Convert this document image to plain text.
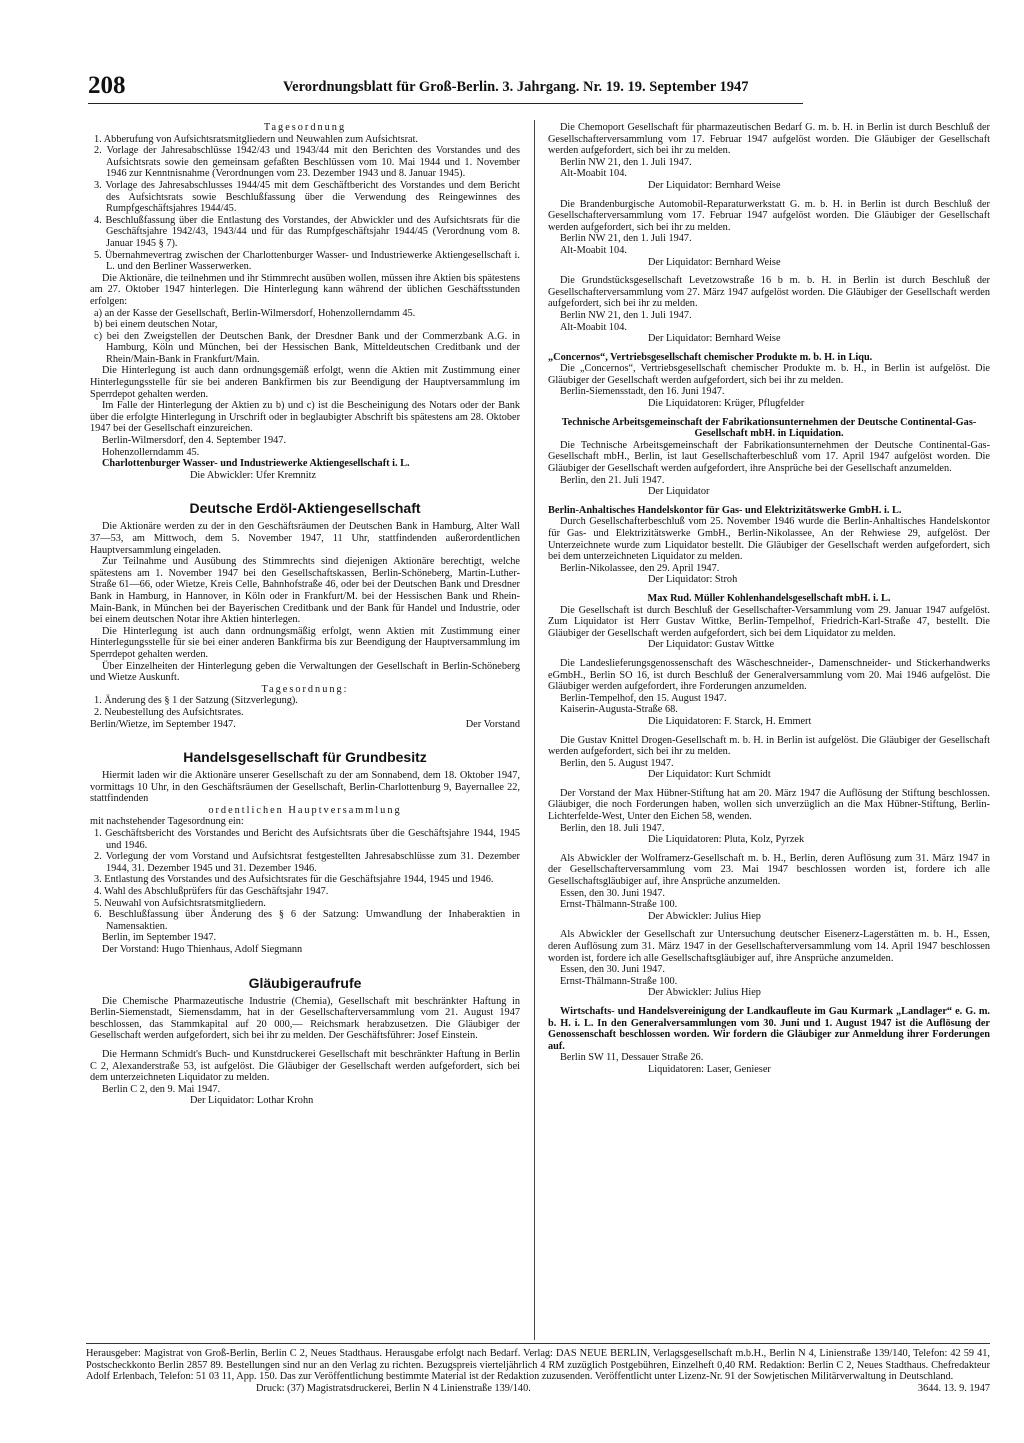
208	Verordnungsblatt für Groß-Berlin. 3. Jahrgang. Nr. 19. 19. September 1947

Tagesordnung

1. Abberufung von Aufsichtsratsmitgliedern und Neuwahlen zum Aufsichtsrat.

2. Vorlage der Jahresabschlüsse 1942/43 und 1943/44 mit den Berichten des Vorstandes und des Aufsichtsrats sowie den gemeinsam gefaßten Beschlüssen vom 10. Mai 1944 und 1. November 1946 zur Kenntnisnahme (Verordnungen vom 23. Dezember 1943 und 8. Januar 1945).

3. Vorlage des Jahresabschlusses 1944/45 mit dem Geschäftbericht des Vorstandes und dem Bericht des Aufsichtsrats sowie Beschlußfassung über die Verwendung des Reingewinnes des Rumpfgeschäftsjahres 1944/45.

4. Beschlußfassung über die Entlastung des Vorstandes, der Abwickler und des Aufsichtsrats für die Geschäftsjahre 1942/43, 1943/44 und für das Rumpfgeschäftsjahr 1944/45 (Verordnung vom 8. Januar 1945 § 7).

5. Übernahmevertrag zwischen der Charlottenburger Wasser- und Industriewerke Aktiengesellschaft i. L. und den Berliner Wasserwerken.

Die Aktionäre, die teilnehmen und ihr Stimmrecht ausüben wollen, müssen ihre Aktien bis spätestens am 27. Oktober 1947 hinterlegen. Die Hinterlegung kann während der üblichen Geschäftsstunden erfolgen:

a) an der Kasse der Gesellschaft, Berlin-Wilmersdorf, Hohenzollerndamm 45.

b) bei einem deutschen Notar,

c) bei den Zweigstellen der Deutschen Bank, der Dresdner Bank und der Commerzbank A.G. in Hamburg, Köln und München, bei der Hessischen Bank, Mitteldeutschen Creditbank und der Rhein/Main-Bank in Frankfurt/Main.

Die Hinterlegung ist auch dann ordnungsgemäß erfolgt, wenn die Aktien mit Zustimmung einer Hinterlegungsstelle für sie bei anderen Bankfirmen bis zur Beendigung der Hauptversammlung im Sperrdepot gehalten werden.

Im Falle der Hinterlegung der Aktien zu b) und c) ist die Bescheinigung des Notars oder der Bank über die erfolgte Hinterlegung in Urschrift oder in beglaubigter Abschrift bis spätestens am 28. Oktober 1947 bei der Gesellschaft einzureichen.

Berlin-Wilmersdorf, den 4. September 1947.

Hohenzollerndamm 45.

Charlottenburger Wasser- und Industriewerke Aktiengesellschaft i. L.

Die Abwickler: Ufer Kremnitz

Deutsche Erdöl-Aktiengesellschaft

Die Aktionäre werden zu der in den Geschäftsräumen der Deutschen Bank in Hamburg, Alter Wall 37—53, am Mittwoch, dem 5. November 1947, 11 Uhr, stattfindenden außerordentlichen Hauptversammlung eingeladen.

Zur Teilnahme und Ausübung des Stimmrechts sind diejenigen Aktionäre berechtigt, welche spätestens am 1. November 1947 bei den Gesellschaftskassen, Berlin-Schöneberg, Martin-Luther-Straße 61—66, oder Wietze, Kreis Celle, Bahnhofstraße 46, oder bei der Deutschen Bank und Dresdner Bank in Hamburg, in Hannover, in Köln oder in Frankfurt/M. bei der Hessischen Bank und Rhein-Main-Bank, in München bei der Bayerischen Creditbank und der Bank für Handel und Industrie, oder bei einem deutschen Notar ihre Aktien hinterlegen.

Die Hinterlegung ist auch dann ordnungsmäßig erfolgt, wenn Aktien mit Zustimmung einer Hinterlegungsstelle für sie bei einer anderen Bankfirma bis zur Beendigung der Hauptversammlung im Sperrdepot gehalten werden.

Über Einzelheiten der Hinterlegung geben die Verwaltungen der Gesellschaft in Berlin-Schöneberg und Wietze Auskunft.

Tagesordnung:

1. Änderung des § 1 der Satzung (Sitzverlegung).

2. Neubestellung des Aufsichtsrates.

Berlin/Wietze, im September 1947.	Der Vorstand

Handelsgesellschaft für Grundbesitz

Hiermit laden wir die Aktionäre unserer Gesellschaft zu der am Sonnabend, dem 18. Oktober 1947, vormittags 10 Uhr, in den Geschäftsräumen der Gesellschaft, Berlin-Charlottenburg 9, Bayernallee 22, stattfindenden

ordentlichen Hauptversammlung

mit nachstehender Tagesordnung ein:

1. Geschäftsbericht des Vorstandes und Bericht des Aufsichtsrats über die Geschäftsjahre 1944, 1945 und 1946.

2. Vorlegung der vom Vorstand und Aufsichtsrat festgestellten Jahresabschlüsse zum 31. Dezember 1944, 31. Dezember 1945 und 31. Dezember 1946.

3. Entlastung des Vorstandes und des Aufsichtsrates für die Geschäftsjahre 1944, 1945 und 1946.

4. Wahl des Abschlußprüfers für das Geschäftsjahr 1947.

5. Neuwahl von Aufsichtsratsmitgliedern.

6. Beschlußfassung über Änderung des § 6 der Satzung: Umwandlung der Inhaberaktien in Namensaktien.

Berlin, im September 1947.

Der Vorstand: Hugo Thienhaus, Adolf Siegmann

Gläubigeraufrufe

Die Chemische Pharmazeutische Industrie (Chemia), Gesellschaft mit beschränkter Haftung in Berlin-Siemenstadt, Siemensdamm, hat in der Gesellschafterversammlung vom 21. August 1947 beschlossen, das Stammkapital auf 20 000,— Reichsmark herabzusetzen. Die Gläubiger der Gesellschaft werden aufgefordert, sich bei ihr zu melden. Der Geschäftsführer: Josef Einstein.

Die Hermann Schmidt's Buch- und Kunstdruckerei Gesellschaft mit beschränkter Haftung in Berlin C 2, Alexanderstraße 53, ist aufgelöst. Die Gläubiger der Gesellschaft werden aufgefordert, sich bei dem unterzeichneten Liquidator zu melden.

Berlin C 2, den 9. Mai 1947.

Der Liquidator: Lothar Krohn

Die Chemoport Gesellschaft für pharmazeutischen Bedarf G. m. b. H. in Berlin ist durch Beschluß der Gesellschafterversammlung vom 17. Februar 1947 aufgelöst worden. Die Gläubiger der Gesellschaft werden aufgefordert, sich bei ihr zu melden.

Berlin NW 21, den 1. Juli 1947.

Alt-Moabit 104.

Der Liquidator: Bernhard Weise

Die Brandenburgische Automobil-Reparaturwerkstatt G. m. b. H. in Berlin ist durch Beschluß der Gesellschafterversammlung vom 17. Februar 1947 aufgelöst worden. Die Gläubiger der Gesellschaft werden aufgefordert, sich bei ihr zu melden.

Berlin NW 21, den 1. Juli 1947.

Alt-Moabit 104.

Der Liquidator: Bernhard Weise

Die Grundstücksgesellschaft Levetzowstraße 16 b m. b. H. in Berlin ist durch Beschluß der Gesellschafterversammlung vom 27. März 1947 aufgelöst worden. Die Gläubiger der Gesellschaft werden aufgefordert, sich bei ihr zu melden.

Berlin NW 21, den 1. Juli 1947.

Alt-Moabit 104.

Der Liquidator: Bernhard Weise

„Concernos“, Vertriebsgesellschaft chemischer Produkte m. b. H. in Liqu.

Die „Concernos“, Vertriebsgesellschaft chemischer Produkte m. b. H., in Berlin ist aufgelöst. Die Gläubiger der Gesellschaft werden aufgefordert, sich bei ihr zu melden.

Berlin-Siemensstadt, den 16. Juni 1947.

Die Liquidatoren: Krüger, Pflugfelder

Technische Arbeitsgemeinschaft der Fabrikationsunternehmen der Deutsche Continental-Gas-Gesellschaft mbH. in Liquidation.

Die Technische Arbeitsgemeinschaft der Fabrikationsunternehmen der Deutsche Continental-Gas-Gesellschaft mbH., Berlin, ist laut Gesellschafterbeschluß vom 17. April 1947 aufgelöst worden. Die Gläubiger der Gesellschaft werden aufgefordert, ihre Ansprüche bei der Gesellschaft anzumelden.

Berlin, den 21. Juli 1947.

Der Liquidator

Berlin-Anhaltisches Handelskontor für Gas- und Elektrizitätswerke GmbH. i. L.

Durch Gesellschafterbeschluß vom 25. November 1946 wurde die Berlin-Anhaltisches Handelskontor für Gas- und Elektrizitätswerke GmbH., Berlin-Nikolassee, An der Rehwiese 29, aufgelöst. Der Unterzeichnete wurde zum Liquidator bestellt. Die Gläubiger der Gesellschaft werden aufgefordert, sich bei dem unterzeichneten Liquidator zu melden.

Berlin-Nikolassee, den 29. April 1947.

Der Liquidator: Stroh

Max Rud. Müller Kohlenhandelsgesellschaft mbH. i. L.

Die Gesellschaft ist durch Beschluß der Gesellschafter-Versammlung vom 29. Januar 1947 aufgelöst. Zum Liquidator ist Herr Gustav Wittke, Berlin-Tempelhof, Friedrich-Karl-Straße 47, bestellt. Die Gläubiger der Gesellschaft werden aufgefordert, sich bei dem Liquidator zu melden.

Der Liquidator: Gustav Wittke

Die Landeslieferungsgenossenschaft des Wäscheschneider-, Damenschneider- und Stickerhandwerks eGmbH., Berlin SO 16, ist durch Beschluß der Generalversammlung vom 20. Mai 1946 aufgelöst. Die Gläubiger werden aufgefordert, ihre Forderungen anzumelden.

Berlin-Tempelhof, den 15. August 1947.

Kaiserin-Augusta-Straße 68.

Die Liquidatoren: F. Starck, H. Emmert

Die Gustav Knittel Drogen-Gesellschaft m. b. H. in Berlin ist aufgelöst. Die Gläubiger der Gesellschaft werden aufgefordert, sich bei ihr zu melden.

Berlin, den 5. August 1947.

Der Liquidator: Kurt Schmidt

Der Vorstand der Max Hübner-Stiftung hat am 20. März 1947 die Auflösung der Stiftung beschlossen. Gläubiger, die noch Forderungen haben, wollen sich unverzüglich an die Max Hübner-Stiftung, Berlin-Lichterfelde-West, Unter den Eichen 58, wenden.

Berlin, den 18. Juli 1947.

Die Liquidatoren: Pluta, Kolz, Pyrzek

Als Abwickler der Wolframerz-Gesellschaft m. b. H., Berlin, deren Auflösung zum 31. März 1947 in der Gesellschafterversammlung vom 23. Mai 1947 beschlossen worden ist, fordere ich alle Gesellschaftsgläubiger auf, ihre Ansprüche anzumelden.

Essen, den 30. Juni 1947.

Ernst-Thälmann-Straße 100.

Der Abwickler: Julius Hiep

Als Abwickler der Gesellschaft zur Untersuchung deutscher Eisenerz-Lagerstätten m. b. H., Essen, deren Auflösung zum 31. März 1947 in der Gesellschafterversammlung vom 14. April 1947 beschlossen worden ist, fordere ich alle Gesellschaftsgläubiger auf, ihre Ansprüche anzumelden.

Essen, den 30. Juni 1947.

Ernst-Thälmann-Straße 100.

Der Abwickler: Julius Hiep

Wirtschafts- und Handelsvereinigung der Landkaufleute im Gau Kurmark „Landlager“ e. G. m. b. H. i. L. In den Generalversammlungen vom 30. Juni und 1. August 1947 ist die Auflösung der Genossenschaft beschlossen worden. Wir fordern die Gläubiger zur Anmeldung ihrer Forderungen auf.

Berlin SW 11, Dessauer Straße 26.

Liquidatoren: Laser, Genieser

Herausgeber: Magistrat von Groß-Berlin, Berlin C 2, Neues Stadthaus. Herausgabe erfolgt nach Bedarf. Verlag: DAS NEUE BERLIN, Verlagsgesellschaft m.b.H., Berlin N 4, Linienstraße 139/140, Telefon: 42 59 41, Postscheckkonto Berlin 2857 89. Bestellungen sind nur an den Verlag zu richten. Bezugspreis vierteljährlich 4 RM zuzüglich Postgebühren, Einzelheft 0,40 RM. Redaktion: Berlin C 2, Neues Stadthaus. Chefredakteur Adolf Erlenbach, Telefon: 51 03 11, App. 150. Das zur Veröffentlichung bestimmte Material ist der Redaktion zuzusenden. Veröffentlicht unter Lizenz-Nr. 91 der Sowjetischen Militärverwaltung in Deutschland.

Druck: (37) Magistratsdruckerei, Berlin N 4 Linienstraße 139/140.	3644. 13. 9. 1947
